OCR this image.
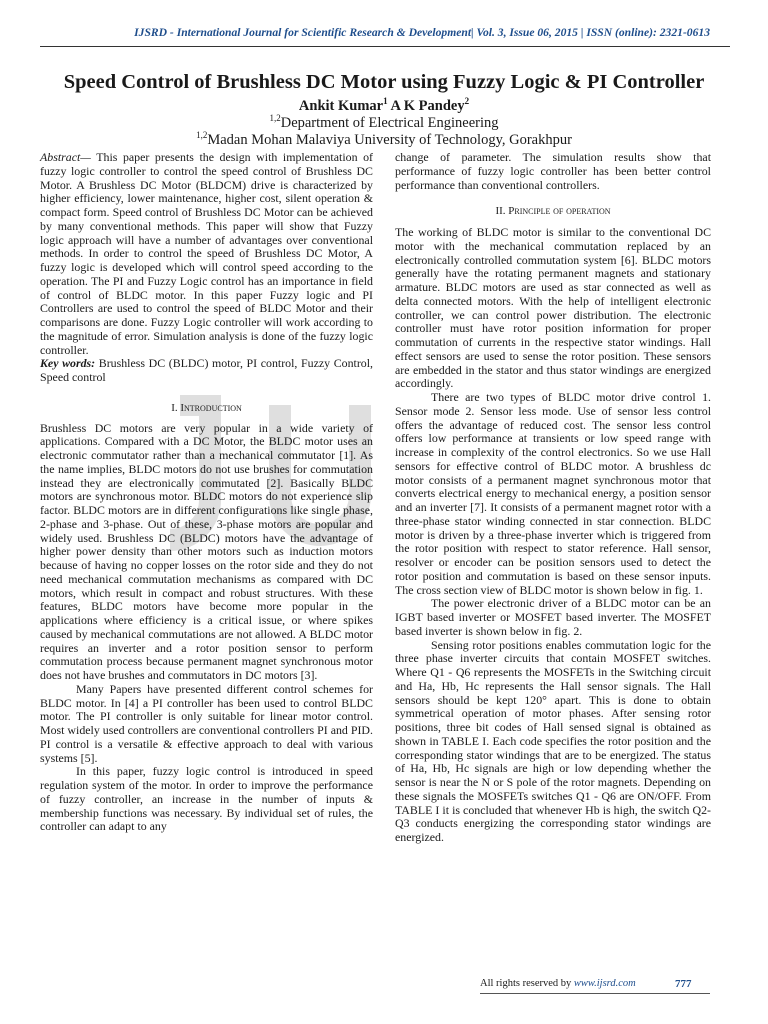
IJSRD - International Journal for Scientific Research & Development| Vol. 3, Issue 06, 2015 | ISSN (online): 2321-0613
Speed Control of Brushless DC Motor using Fuzzy Logic & PI Controller
Ankit Kumar$^1$ A K Pandey$^2$
$^{1,2}$Department of Electrical Engineering
$^{1,2}$Madan Mohan Malaviya University of Technology, Gorakhpur

Abstract— This paper presents the design with implementation of fuzzy logic controller to control the speed control of Brushless DC Motor. A Brushless DC Motor (BLDCM) drive is characterized by higher efficiency, lower maintenance, higher cost, silent operation & compact form. Speed control of Brushless DC Motor can be achieved by many conventional methods. This paper will show that Fuzzy logic approach will have a number of advantages over conventional methods. In order to control the speed of Brushless DC Motor, A fuzzy logic is developed which will control speed according to the operation. The PI and Fuzzy Logic control has an importance in field of control of BLDC motor. In this paper Fuzzy logic and PI Controllers are used to control the speed of BLDC Motor and their comparisons are done. Fuzzy Logic controller will work according to the magnitude of error. Simulation analysis is done of the fuzzy logic controller.

Key words: Brushless DC (BLDC) motor, PI control, Fuzzy Control, Speed control

I. Introduction

Brushless DC motors are very popular in a wide variety of applications. Compared with a DC Motor, the BLDC motor uses an electronic commutator rather than a mechanical commutator [1]. As the name implies, BLDC motors do not use brushes for commutation instead they are electronically commutated [2]. Basically BLDC motors are synchronous motor. BLDC motors do not experience slip factor. BLDC motors are in different configurations like single phase, 2-phase and 3-phase. Out of these, 3-phase motors are popular and widely used. Brushless DC (BLDC) motors have the advantage of higher power density than other motors such as induction motors because of having no copper losses on the rotor side and they do not need mechanical commutation mechanisms as compared with DC motors, which result in compact and robust structures. With these features, BLDC motors have become more popular in the applications where efficiency is a critical issue, or where spikes caused by mechanical commutations are not allowed. A BLDC motor requires an inverter and a rotor position sensor to perform commutation process because permanent magnet synchronous motor does not have brushes and commutators in DC motors [3].

Many Papers have presented different control schemes for BLDC motor. In [4] a PI controller has been used to control BLDC motor. The PI controller is only suitable for linear motor control. Most widely used controllers are conventional controllers PI and PID. PI control is a versatile & effective approach to deal with various systems [5].

In this paper, fuzzy logic control is introduced in speed regulation system of the motor. In order to improve the performance of fuzzy controller, an increase in the number of inputs & membership functions was necessary. By individual set of rules, the controller can adapt to any

change of parameter. The simulation results show that performance of fuzzy logic controller has been better control performance than conventional controllers.

II. Principle of operation

The working of BLDC motor is similar to the conventional DC motor with the mechanical commutation replaced by an electronically controlled commutation system [6]. BLDC motors generally have the rotating permanent magnets and stationary armature. BLDC motors are used as star connected as well as delta connected motors. With the help of intelligent electronic controller, we can control power distribution. The electronic controller must have rotor position information for proper commutation of currents in the respective stator windings. Hall effect sensors are used to sense the rotor position. These sensors are embedded in the stator and thus stator windings are energized accordingly.

There are two types of BLDC motor drive control 1. Sensor mode 2. Sensor less mode. Use of sensor less control offers the advantage of reduced cost. The sensor less control offers low performance at transients or low speed range with increase in complexity of the control electronics. So we use Hall sensors for effective control of BLDC motor. A brushless dc motor consists of a permanent magnet synchronous motor that converts electrical energy to mechanical energy, a position sensor and an inverter [7]. It consists of a permanent magnet rotor with a three-phase stator winding connected in star connection. BLDC motor is driven by a three-phase inverter which is triggered from the rotor position with respect to stator reference. Hall sensor, resolver or encoder can be position sensors used to detect the rotor position and commutation is based on these sensor inputs. The cross section view of BLDC motor is shown below in fig. 1.

The power electronic driver of a BLDC motor can be an IGBT based inverter or MOSFET based inverter. The MOSFET based inverter is shown below in fig. 2.

Sensing rotor positions enables commutation logic for the three phase inverter circuits that contain MOSFET switches. Where Q1 - Q6 represents the MOSFETs in the Switching circuit and Ha, Hb, Hc represents the Hall sensor signals. The Hall sensors should be kept 120° apart. This is done to obtain symmetrical operation of motor phases. After sensing rotor positions, three bit codes of Hall sensed signal is obtained as shown in TABLE I. Each code specifies the rotor position and the corresponding stator windings that are to be energized. The status of Ha, Hb, Hc signals are high or low depending whether the sensor is near the N or S pole of the rotor magnets. Depending on these signals the MOSFETs switches Q1 - Q6 are ON/OFF. From TABLE I it is concluded that whenever Hb is high, the switch Q2-Q3 conducts energizing the corresponding stator windings are energized.

All rights reserved by www.ijsrd.com	777
